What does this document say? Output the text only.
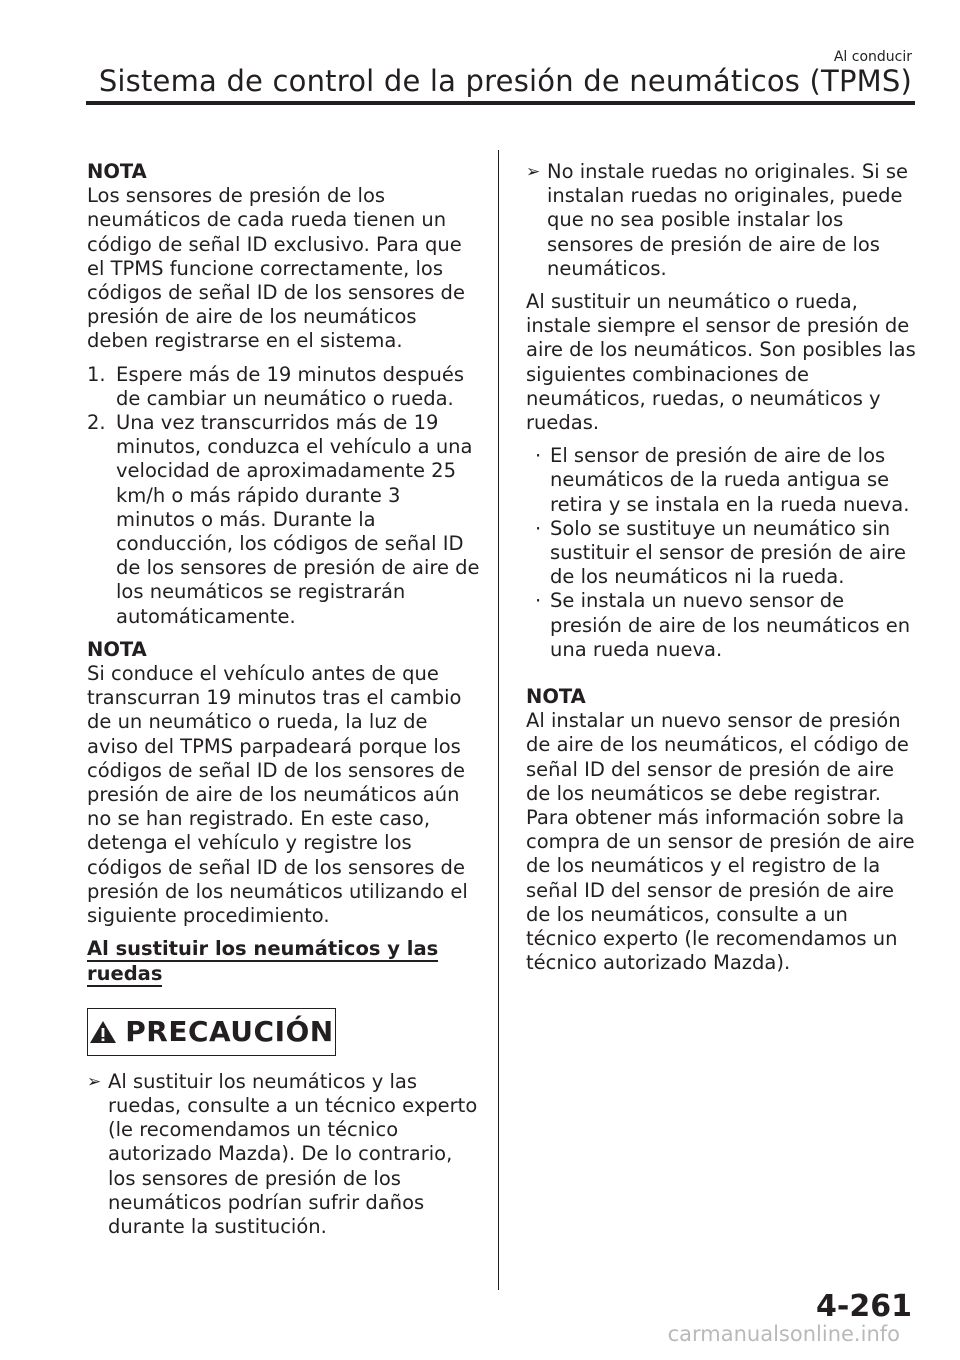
Al conducir
Sistema de control de la presión de neumáticos (TPMS)
NOTA

Los sensores de presión de los neumáticos de cada rueda tienen un código de señal ID exclusivo. Para que el TPMS funcione correctamente, los códigos de señal ID de los sensores de presión de aire de los neumáticos deben registrarse en el sistema.

1. Espere más de 19 minutos después de cambiar un neumático o rueda.
2. Una vez transcurridos más de 19 minutos, conduzca el vehículo a una velocidad de aproximadamente 25 km/h o más rápido durante 3 minutos o más. Durante la conducción, los códigos de señal ID de los sensores de presión de aire de los neumáticos se registrarán automáticamente.
NOTA

Si conduce el vehículo antes de que transcurran 19 minutos tras el cambio de un neumático o rueda, la luz de aviso del TPMS parpadeará porque los códigos de señal ID de los sensores de presión de aire de los neumáticos aún no se han registrado. En este caso, detenga el vehículo y registre los códigos de señal ID de los sensores de presión de los neumáticos utilizando el siguiente procedimiento.

Al sustituir los neumáticos y las ruedas
PRECAUCIÓN
➢ Al sustituir los neumáticos y las ruedas, consulte a un técnico experto (le recomendamos un técnico autorizado Mazda). De lo contrario, los sensores de presión de los neumáticos podrían sufrir daños durante la sustitución.
➢ No instale ruedas no originales. Si se instalan ruedas no originales, puede que no sea posible instalar los sensores de presión de aire de los neumáticos.

Al sustituir un neumático o rueda, instale siempre el sensor de presión de aire de los neumáticos. Son posibles las siguientes combinaciones de neumáticos, ruedas, o neumáticos y ruedas.

· El sensor de presión de aire de los neumáticos de la rueda antigua se retira y se instala en la rueda nueva.
· Solo se sustituye un neumático sin sustituir el sensor de presión de aire de los neumáticos ni la rueda.
· Se instala un nuevo sensor de presión de aire de los neumáticos en una rueda nueva.
NOTA

Al instalar un nuevo sensor de presión de aire de los neumáticos, el código de señal ID del sensor de presión de aire de los neumáticos se debe registrar. Para obtener más información sobre la compra de un sensor de presión de aire de los neumáticos y el registro de la señal ID del sensor de presión de aire de los neumáticos, consulte a un técnico experto (le recomendamos un técnico autorizado Mazda).

4-261
carmanualsonline.info
